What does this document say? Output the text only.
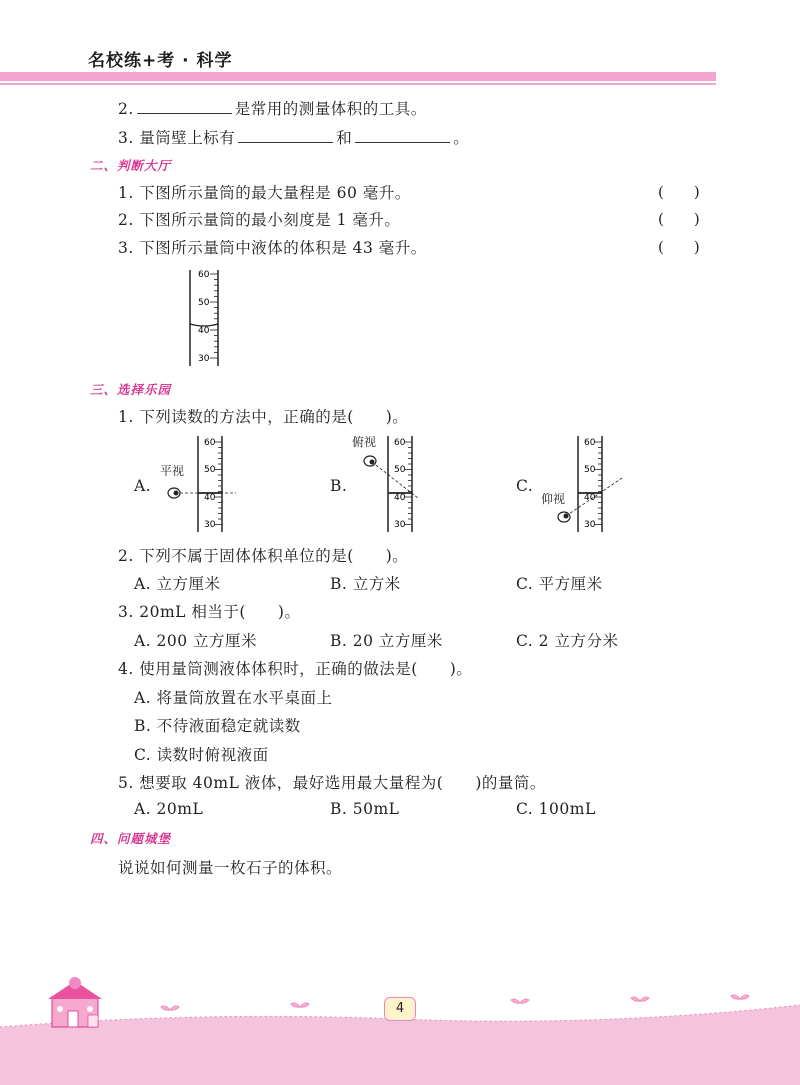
名校练+考 · 科学
2.	是常用的测量体积的工具。
3. 量筒壁上标有	和	。
二、判断大厅
1. 下图所示量筒的最大量程是 60 毫升。	(　　)
2. 下图所示量筒的最小刻度是 1 毫升。	(　　)
3. 下图所示量筒中液体的体积是 43 毫升。	(　　)
60
50
40
30
三、选择乐园
1. 下列读数的方法中，正确的是(　　)。
A.
平视
60
50
40
30
B.
俯视 60
50
40
30
C.
仰视
60
50
40
30
2. 下列不属于固体体积单位的是(　　)。
A. 立方厘米	B. 立方米	C. 平方厘米
3. 20mL 相当于(　　)。
A. 200 立方厘米	B. 20 立方厘米	C. 2 立方分米
4. 使用量筒测液体体积时，正确的做法是(　　)。
A. 将量筒放置在水平桌面上
B. 不待液面稳定就读数
C. 读数时俯视液面
5. 想要取 40mL 液体，最好选用最大量程为(　　)的量筒。
A. 20mL	B. 50mL	C. 100mL
四、问题城堡
说说如何测量一枚石子的体积。
4
